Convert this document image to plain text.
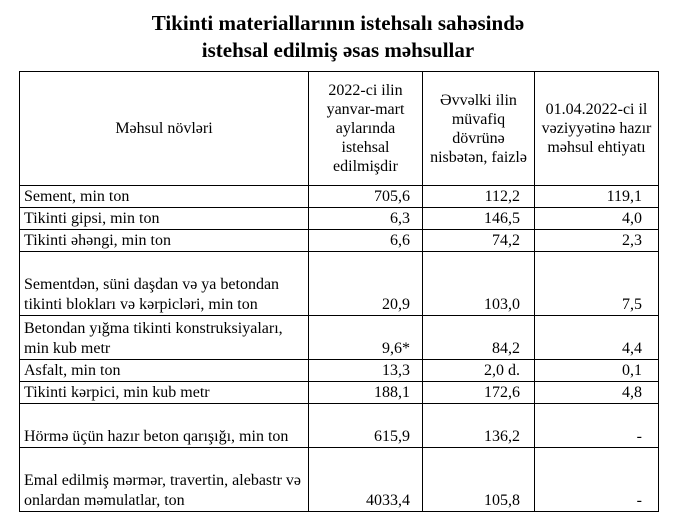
Tikinti materiallarının istehsalı sahəsində
istehsal edilmiş əsas məhsullar
Məhsul növləri	2022-ci ilin yanvar-mart aylarında istehsal edilmişdir	Əvvəlki ilin müvafiq dövrünə nisbətən, faizlə	01.04.2022-ci il vəziyyətinə hazır məhsul ehtiyatı
Sement, min ton	705,6	112,2	119,1
Tikinti gipsi, min ton	6,3	146,5	4,0
Tikinti əhəngi, min ton	6,6	74,2	2,3
Sementdən, süni daşdan və ya betondan tikinti blokları və kərpicləri, min ton	20,9	103,0	7,5
Betondan yığma tikinti konstruksiyaları, min kub metr	9,6*	84,2	4,4
Asfalt, min ton	13,3	2,0 d.	0,1
Tikinti kərpici, min kub metr	188,1	172,6	4,8
Hörmə üçün hazır beton qarışığı, min ton	615,9	136,2	-
Emal edilmiş mərmər, travertin, alebastr və onlardan məmulatlar, ton	4033,4	105,8	-
